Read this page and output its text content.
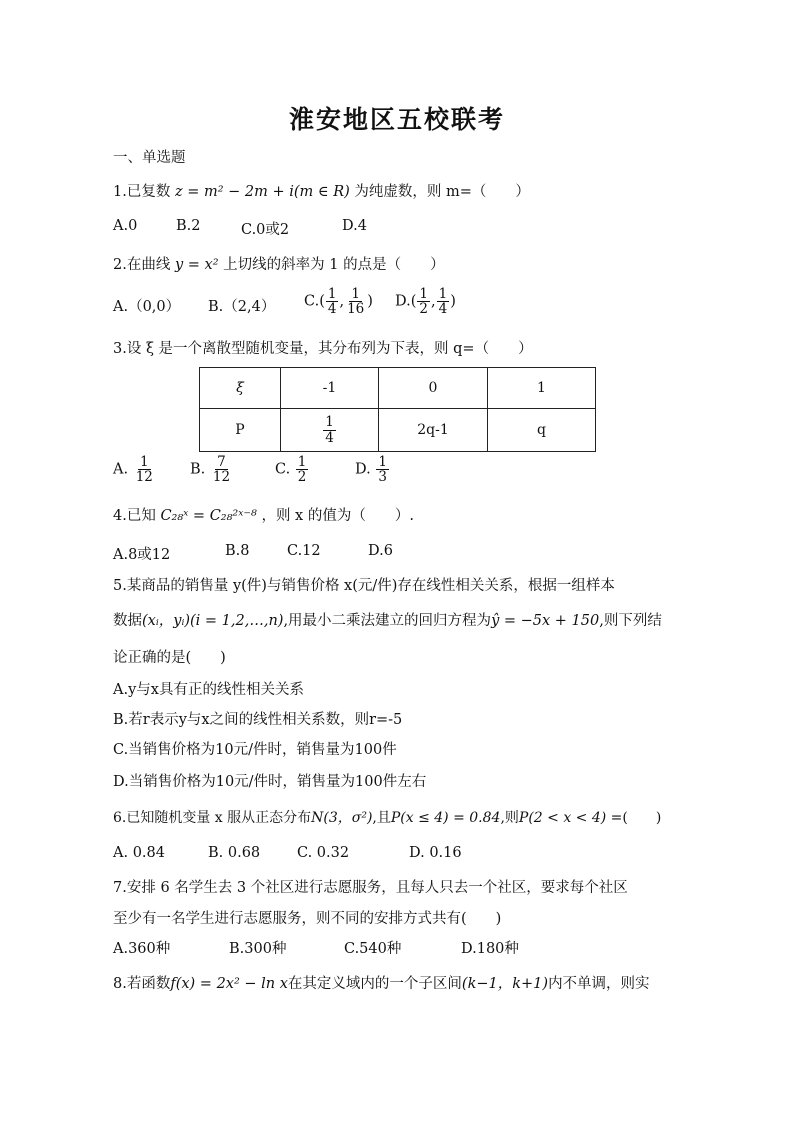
淮安地区五校联考
一、单选题
1.已复数 z = m² − 2m + i(m ∈ R) 为纯虚数，则 m=（　　）
A.0	B.2	C.0或2	D.4
2.在曲线 y = x² 上切线的斜率为 1 的点是（　　）
A.（0,0） B.（2,4） $C.( \frac{1}{4}$ , $\frac{1}{16}$ ) $D.( \frac{1}{2}$ , $\frac{1}{4}$ )
3.设 ξ 是一个离散型随机变量，其分布列为下表，则 q=（　　）
ξ	-1	0	1
P	$\frac{1}{4}$	2q-1	q
A. $\frac{1}{12} B$. $\frac{7}{12}$	C. $\frac{1}{2}$	D. $\frac{1}{3}$
4.已知 C₂₈ˣ = C₂₈²ˣ⁻⁸ ，则 x 的值为（　　）.
A.8或12	B.8	C.12	D.6
5.某商品的销售量 y(件)与销售价格 x(元/件)存在线性相关关系，根据一组样本
数据(xᵢ，yᵢ)(i = 1,2,…,n),用最小二乘法建立的回归方程为ŷ = −5x + 150,则下列结
论正确的是(　　)
A.y与x具有正的线性相关关系
B.若r表示y与x之间的线性相关系数，则r=-5
C.当销售价格为10元/件时，销售量为100件
D.当销售价格为10元/件时，销售量为100件左右
6.已知随机变量 x 服从正态分布N(3，σ²),且P(x ≤ 4) = 0.84,则P(2 < x < 4) =(　　)
A. 0.84	B. 0.68	C. 0.32	D. 0.16
7.安排 6 名学生去 3 个社区进行志愿服务，且每人只去一个社区，要求每个社区
至少有一名学生进行志愿服务，则不同的安排方式共有(　　)
A.360种	B.300种	C.540种	D.180种
8.若函数f(x) = 2x² − ln x在其定义域内的一个子区间(k−1，k+1)内不单调，则实
